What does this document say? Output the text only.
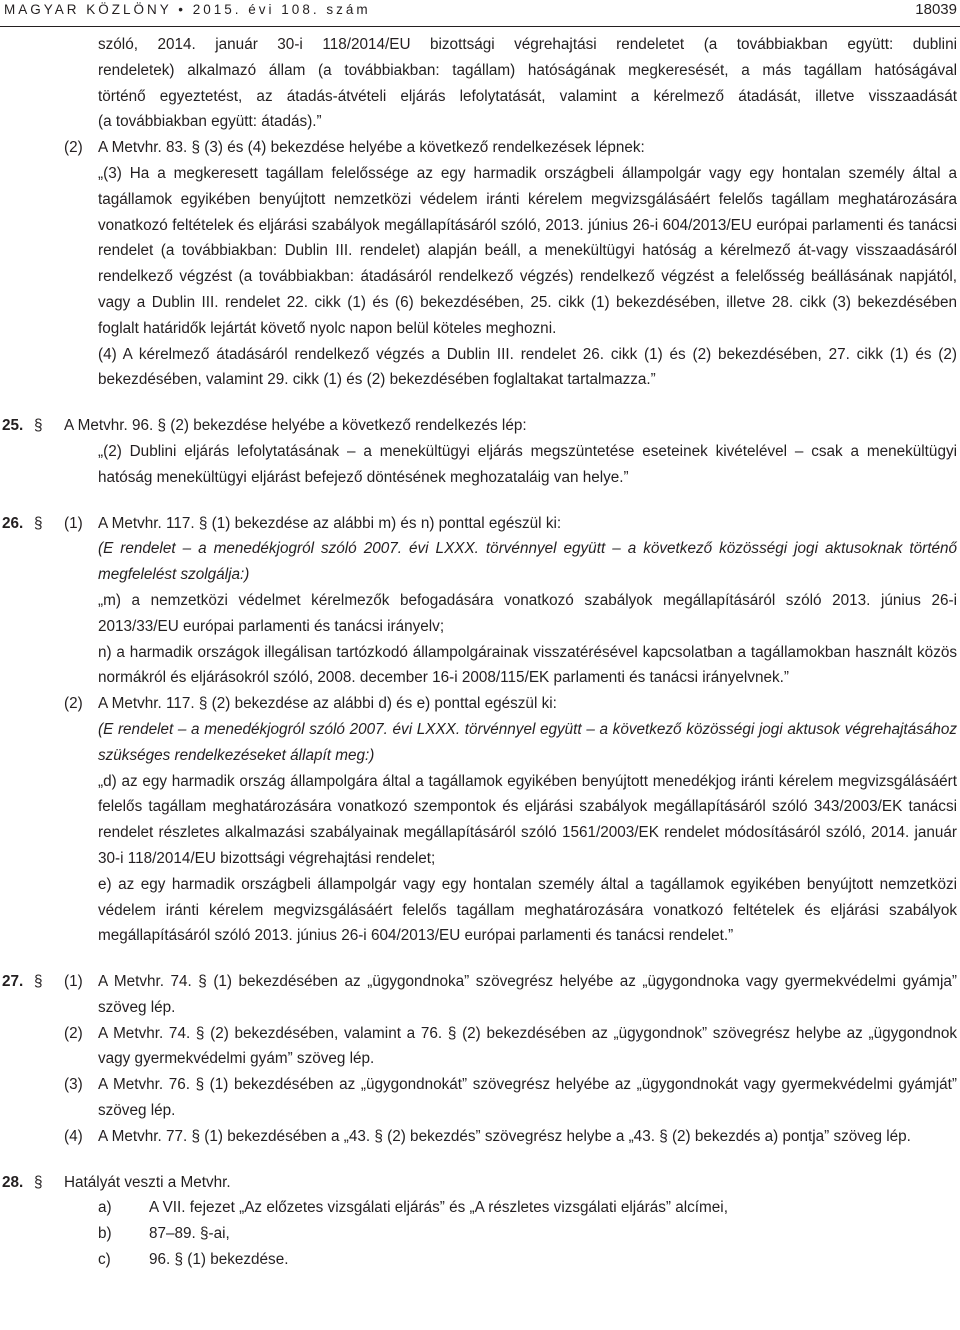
MAGYAR KÖZLÖNY • 2015. évi 108. szám	18039
szóló, 2014. január 30-i 118/2014/EU bizottsági végrehajtási rendeletet (a továbbiakban együtt: dublini
rendeletek) alkalmazó állam (a továbbiakban: tagállam) hatóságának megkeresését, a más tagállam hatóságával
történő egyeztetést, az átadás-átvételi eljárás lefolytatását, valamint a kérelmező átadását, illetve visszaadását
(a továbbiakban együtt: átadás).”
(2) A Metvhr. 83. § (3) és (4) bekezdése helyébe a következő rendelkezések lépnek:
„(3) Ha a megkeresett tagállam felelőssége az egy harmadik országbeli állampolgár vagy egy hontalan személy által a tagállamok egyikében benyújtott nemzetközi védelem iránti kérelem megvizsgálásáért felelős tagállam meghatározására vonatkozó feltételek és eljárási szabályok megállapításáról szóló, 2013. június 26-i 604/2013/EU európai parlamenti és tanácsi rendelet (a továbbiakban: Dublin III. rendelet) alapján beáll, a menekültügyi hatóság a kérelmező át-vagy visszaadásáról rendelkező végzést (a továbbiakban: átadásáról rendelkező végzés) rendelkező végzést a felelősség beállásának napjától, vagy a Dublin III. rendelet 22. cikk (1) és (6) bekezdésében, 25. cikk (1) bekezdésében, illetve 28. cikk (3) bekezdésében foglalt határidők lejártát követő nyolc napon belül köteles meghozni.
(4) A kérelmező átadásáról rendelkező végzés a Dublin III. rendelet 26. cikk (1) és (2) bekezdésében, 27. cikk (1) és (2) bekezdésében, valamint 29. cikk (1) és (2) bekezdésében foglaltakat tartalmazza.”
25. §	A Metvhr. 96. § (2) bekezdése helyébe a következő rendelkezés lép:
„(2) Dublini eljárás lefolytatásának – a menekültügyi eljárás megszüntetése eseteinek kivételével – csak a menekültügyi hatóság menekültügyi eljárást befejező döntésének meghozataláig van helye.”
26. §	(1) A Metvhr. 117. § (1) bekezdése az alábbi m) és n) ponttal egészül ki:
(E rendelet – a menedékjogról szóló 2007. évi LXXX. törvénnyel együtt – a következő közösségi jogi aktusoknak történő megfelelést szolgálja:)
„m) a nemzetközi védelmet kérelmezők befogadására vonatkozó szabályok megállapításáról szóló 2013. június 26-i 2013/33/EU európai parlamenti és tanácsi irányelv;
n) a harmadik országok illegálisan tartózkodó állampolgárainak visszatérésével kapcsolatban a tagállamokban használt közös normákról és eljárásokról szóló, 2008. december 16-i 2008/115/EK parlamenti és tanácsi irányelvnek.”
(2) A Metvhr. 117. § (2) bekezdése az alábbi d) és e) ponttal egészül ki:
(E rendelet – a menedékjogról szóló 2007. évi LXXX. törvénnyel együtt – a következő közösségi jogi aktusok végrehajtásához szükséges rendelkezéseket állapít meg:)
„d) az egy harmadik ország állampolgára által a tagállamok egyikében benyújtott menedékjog iránti kérelem megvizsgálásáért felelős tagállam meghatározására vonatkozó szempontok és eljárási szabályok megállapításáról szóló 343/2003/EK tanácsi rendelet részletes alkalmazási szabályainak megállapításáról szóló 1561/2003/EK rendelet módosításáról szóló, 2014. január 30-i 118/2014/EU bizottsági végrehajtási rendelet;
e) az egy harmadik országbeli állampolgár vagy egy hontalan személy által a tagállamok egyikében benyújtott nemzetközi védelem iránti kérelem megvizsgálásáért felelős tagállam meghatározására vonatkozó feltételek és eljárási szabályok megállapításáról szóló 2013. június 26-i 604/2013/EU európai parlamenti és tanácsi rendelet.”
27. §	(1) A Metvhr. 74. § (1) bekezdésében az „ügygondnoka” szövegrész helyébe az „ügygondnoka vagy gyermekvédelmi gyámja” szöveg lép.
(2) A Metvhr. 74. § (2) bekezdésében, valamint a 76. § (2) bekezdésében az „ügygondnok” szövegrész helybe az „ügygondnok vagy gyermekvédelmi gyám” szöveg lép.
(3) A Metvhr. 76. § (1) bekezdésében az „ügygondnokát” szövegrész helyébe az „ügygondnokát vagy gyermekvédelmi gyámját” szöveg lép.
(4) A Metvhr. 77. § (1) bekezdésében a „43. § (2) bekezdés” szövegrész helybe a „43. § (2) bekezdés a) pontja” szöveg lép.
28. §	Hatályát veszti a Metvhr.
a)	A VII. fejezet „Az előzetes vizsgálati eljárás” és „A részletes vizsgálati eljárás” alcímei,
b)	87–89. §-ai,
c)	96. § (1) bekezdése.
